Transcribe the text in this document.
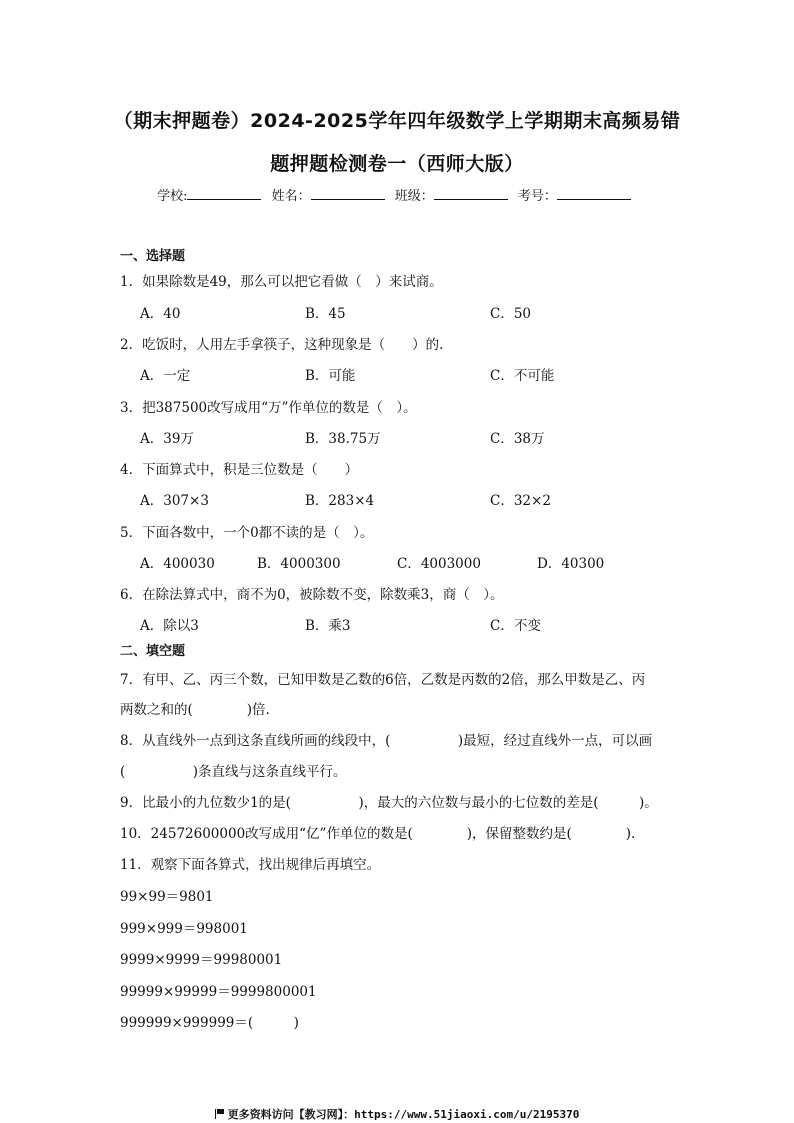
（期末押题卷）2024-2025学年四年级数学上学期期末高频易错
题押题检测卷一（西师大版）
学校:	姓名：	班级：	考号：
一、选择题
1．如果除数是49，那么可以把它看做（　）来试商。
A．40	B．45	C．50
2．吃饭时，人用左手拿筷子，这种现象是（　　）的.
A．一定	B．可能	C．不可能
3．把387500改写成用“万”作单位的数是（　）。
A．39万	B．38.75万	C．38万
4．下面算式中，积是三位数是（　　）
A．307×3	B．283×4	C．32×2
5．下面各数中，一个0都不读的是（　）。
A．400030	B．4000300	C．4003000	D．40300
6．在除法算式中，商不为0，被除数不变，除数乘3，商（　）。
A．除以3	B．乘3	C．不变
二、填空题
7．有甲、乙、丙三个数，已知甲数是乙数的6倍，乙数是丙数的2倍，那么甲数是乙、丙
两数之和的(　　　　)倍.
8．从直线外一点到这条直线所画的线段中，(　　　　　)最短，经过直线外一点，可以画
(　　　　　)条直线与这条直线平行。
9．比最小的九位数少1的是(　　　　　)，最大的六位数与最小的七位数的差是(　　　)。
10．24572600000改写成用“亿”作单位的数是(　　　　)，保留整数约是(　　　　).
11．观察下面各算式，找出规律后再填空。
99×99＝9801
999×999＝998001
9999×9999＝99980001
99999×99999＝9999800001
999999×999999＝(　　　)
更多资料访问【教习网】：https://www.51jiaoxi.com/u/2195370
